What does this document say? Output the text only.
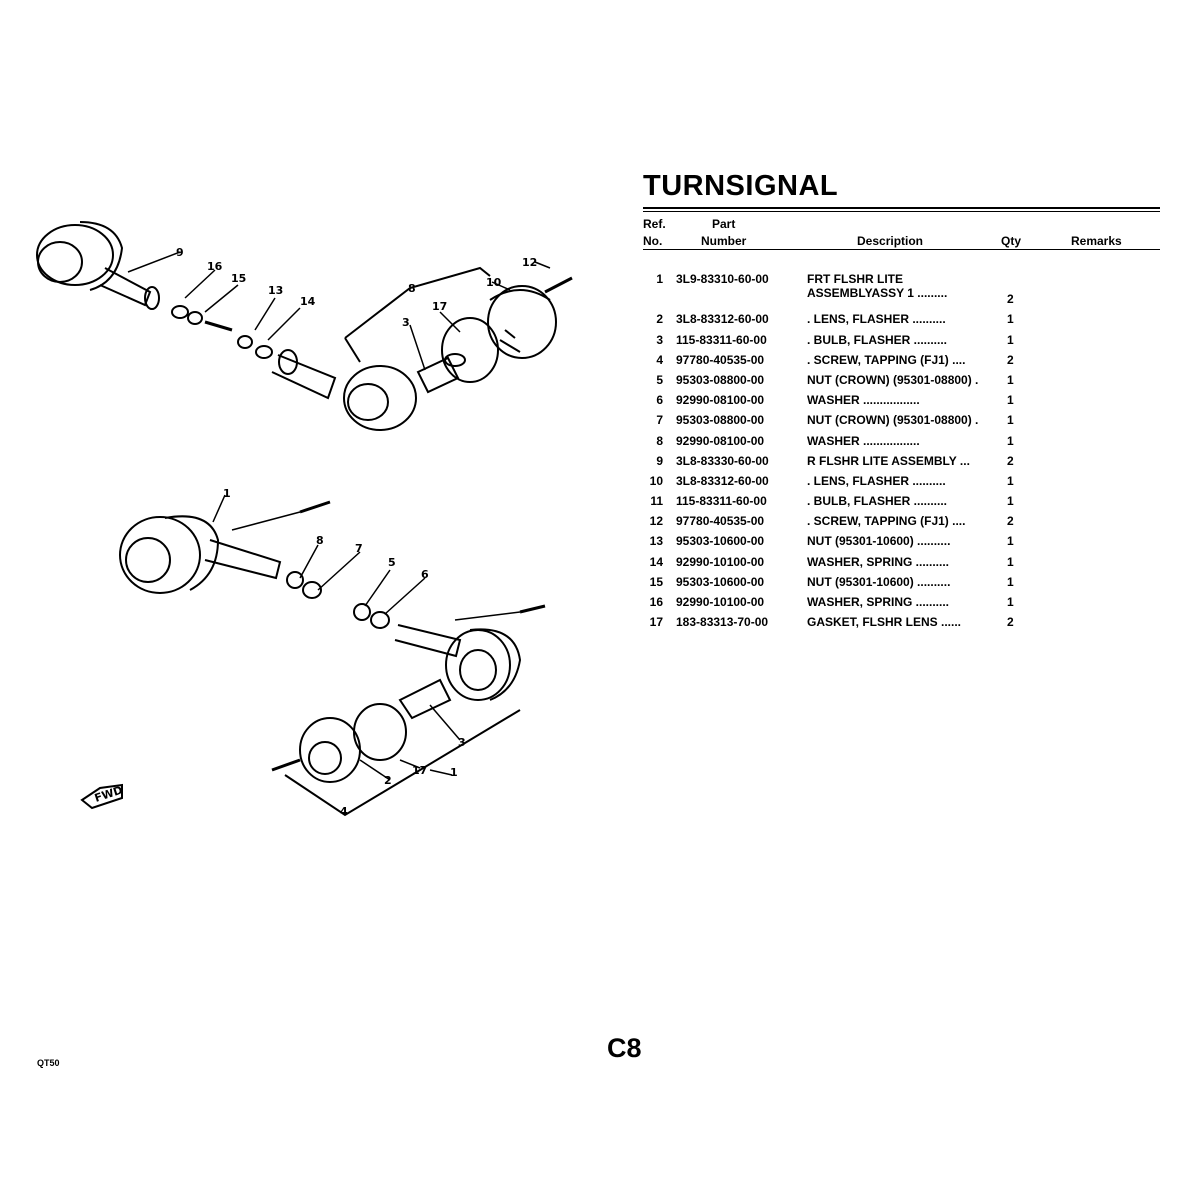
1
2
3
4
5
6
7
8
9
10
12
13
14
15
16
17
8
3
17 1
FWD
TURNSIGNAL
Ref.
No.
Part
Number	Description	Qty	Remarks
1 3L9-83310-60-00	FRT FLSHR LITE
ASSEMBLYASSY 1 .........	2
2 3L8-83312-60-00	. LENS, FLASHER ..........	1
3 115-83311-60-00	. BULB, FLASHER ..........	1
4 97780-40535-00	. SCREW, TAPPING (FJ1) ....	2
5 95303-08800-00	NUT (CROWN) (95301-08800) .	1
6 92990-08100-00	WASHER .................	1
7 95303-08800-00	NUT (CROWN) (95301-08800) .	1
8 92990-08100-00	WASHER .................	1
9 3L8-83330-60-00	R FLSHR LITE ASSEMBLY ...	2
10 3L8-83312-60-00	. LENS, FLASHER ..........	1
11 115-83311-60-00	. BULB, FLASHER ..........	1
12 97780-40535-00	. SCREW, TAPPING (FJ1) ....	2
13 95303-10600-00	NUT (95301-10600) ..........	1
14 92990-10100-00	WASHER, SPRING ..........	1
15 95303-10600-00	NUT (95301-10600) ..........	1
16 92990-10100-00	WASHER, SPRING ..........	1
17 183-83313-70-00	GASKET, FLSHR LENS ......	2
QT50	C8
